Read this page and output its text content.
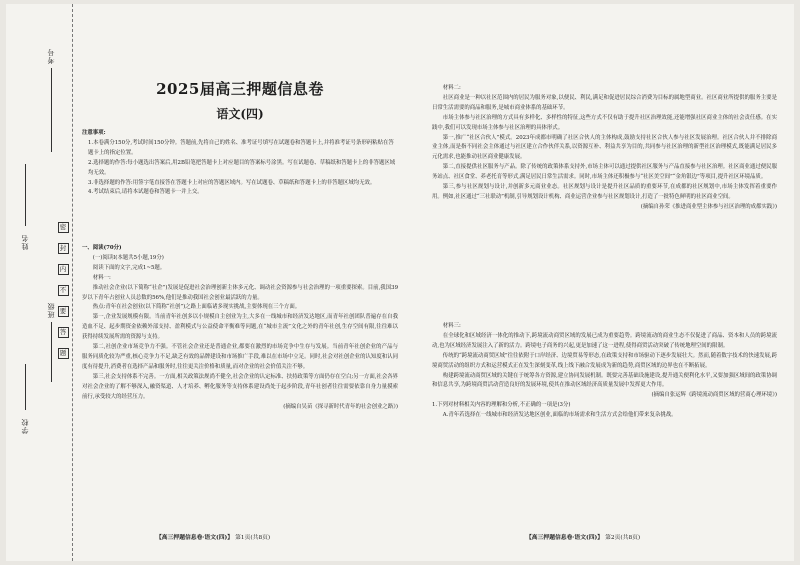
考号
姓名
班级
学校
密
封
内
不
要
答
题
2025届高三押题信息卷
语文(四)

注意事项:

1.本卷满分150分,考试时间150分钟。答题前,先将自己的姓名、准考证号填写在试题卷和答题卡上,并将准考证号条形码粘贴在答题卡上的指定位置。

2.选择题的作答:每小题选出答案后,用2B铅笔把答题卡上对应题目的答案标号涂黑。写在试题卷、草稿纸和答题卡上的非答题区域均无效。

3.非选择题的作答:用签字笔直接答在答题卡上对应的答题区域内。写在试题卷、草稿纸和答题卡上的非答题区域均无效。

4.考试结束后,请将本试题卷和答题卡一并上交。

一、阅读(70分)

(一)阅读Ⅰ(本题共5小题,19分)

阅读下面的文字,完成1~5题。

材料一:

推动社会企业(以下简称“社企”)发展是促进社会治理创新主体多元化、调动社会资源参与社会治理的一项重要探索。目前,我国39岁以下青年占创业人员总数的56%,他们是推动我国社会创业最活跃的力量。

热点:青年在社会创业(以下简称“社创”)之路上面临诸多现实挑战,主要体现在三个方面。

第一,企业发展规模有限。当前青年社创多以小规模自主创业为主,大多在一线城市和经济发达地区,而青年社创团队普遍存在自我造血不足、起步期资金依赖外部支持、盈利模式与公益使命平衡难等问题,在“城市主流”文化之外的青年社创,生存空间有限,往往难以获得持续发展所需的资源与支持。

第二,社创企业市场竞争力不强。不管社会企业还是普通企业,都要在激烈的市场竞争中生存与发展。当前青年社创企业的产品与服务同质化较为严重,核心竞争力不足,缺乏有效的品牌建设和市场推广手段,难以在市场中立足。同时,社会对社创企业的认知度和认同度有待提升,消费者在选择产品和服务时,往往更关注价格和质量,而对企业的社会价值关注不够。

第三,社会支持体系不完善。一方面,相关政策法规尚不健全,社会企业的认定标准、扶持政策等方面仍存在空白;另一方面,社会各界对社会企业的了解不够深入,融资渠道、人才培养、孵化服务等支持体系建设尚处于起步阶段,青年社创者往往需要依靠自身力量摸索前行,承受较大的经营压力。

(摘编自吴苗《探寻新时代青年的社会创业之路》)

材料二:

社区商业是一种以社区范围内的居民为服务对象,以便民、利民,满足和促进居民综合消费为目标的属地型商业。社区商业所提供的服务主要是日常生活需要的商品和服务,是城市商业体系的基础环节。

市场主体参与社区治理的方式具有多样化、多样性的特征,这些方式不仅有助于提升社区治理效能,还能增强社区商业主体的社会责任感。在实践中,我们可以发现市场主体参与社区治理的具体形式。

第一,推广“社区合伙人”模式。2023年成都市明确了社区合伙人的主体构成,鼓励支持社区合伙人参与社区发展治理。社区合伙人并不排除商业主体,而是指不同社会主体通过与社区建立合作伙伴关系,以资源互补、利益共享为目的,共同参与社区治理的新型社区治理模式,既能满足居民多元化需求,也能推动社区商业健康发展。

第二,直接提供社区服务与产品。除了传统的政策体系支持外,市场主体可以通过提供社区服务与产品直接参与社区治理。社区商业通过便民服务站点、社区食堂、养老托育等形式,满足居民日常生活需求。同时,市场主体还积极参与“社区美空间”“金角银边”等项目,提升社区环境品质。

第三,参与社区规划与设计,并创新多元商业业态。社区规划与设计是提升社区品质的重要环节,在成都的社区规划中,市场主体发挥着重要作用。例如,社区通过“三社联动”机制,引导规划设计机构、商业运营企业参与社区规划设计,打造了一批特色鲜明的社区商业空间。

(摘编自孙荣《推进商业型主体参与社区治理的成都实践》)

材料三:

在全球化和区域经济一体化的推动下,跨境流动商贸区域的发展已成为重要趋势。跨境流动的商业生态不仅促进了商品、资本和人员的跨境流动,也为区域经济发展注入了新的活力。跨境电子商务的兴起,更是加速了这一进程,使得商贸活动突破了传统地理空间的限制。

传统的“跨境流动商贸区域”往往依附于口岸经济、边境贸易等形态,在政策支持和市场驱动下逐步发展壮大。然而,随着数字技术的快速发展,跨境商贸活动的组织方式和运营模式正在发生深刻变革,线上线下融合发展成为新的趋势,商贸区域的边界也在不断拓展。

构建跨境流动商贸区域的关键在于统筹各方资源,建立协同发展机制。既要完善基础设施建设,提升通关便利化水平,又要加强区域间的政策协调和信息共享,为跨境商贸活动营造良好的发展环境,使其在推动区域经济高质量发展中发挥更大作用。

(摘编自张运辉《跨境流动商贸区域的营商心理环境》)

1.下列对材料相关内容的理解和分析,不正确的一项是(3分)

A.青年若选择在一线城市和经济发达地区创业,面临的市场需求和生活方式会给他们带来复杂挑战。

【高三押题信息卷·语文(四)】 第1页(共8页)	【高三押题信息卷·语文(四)】 第2页(共8页)
